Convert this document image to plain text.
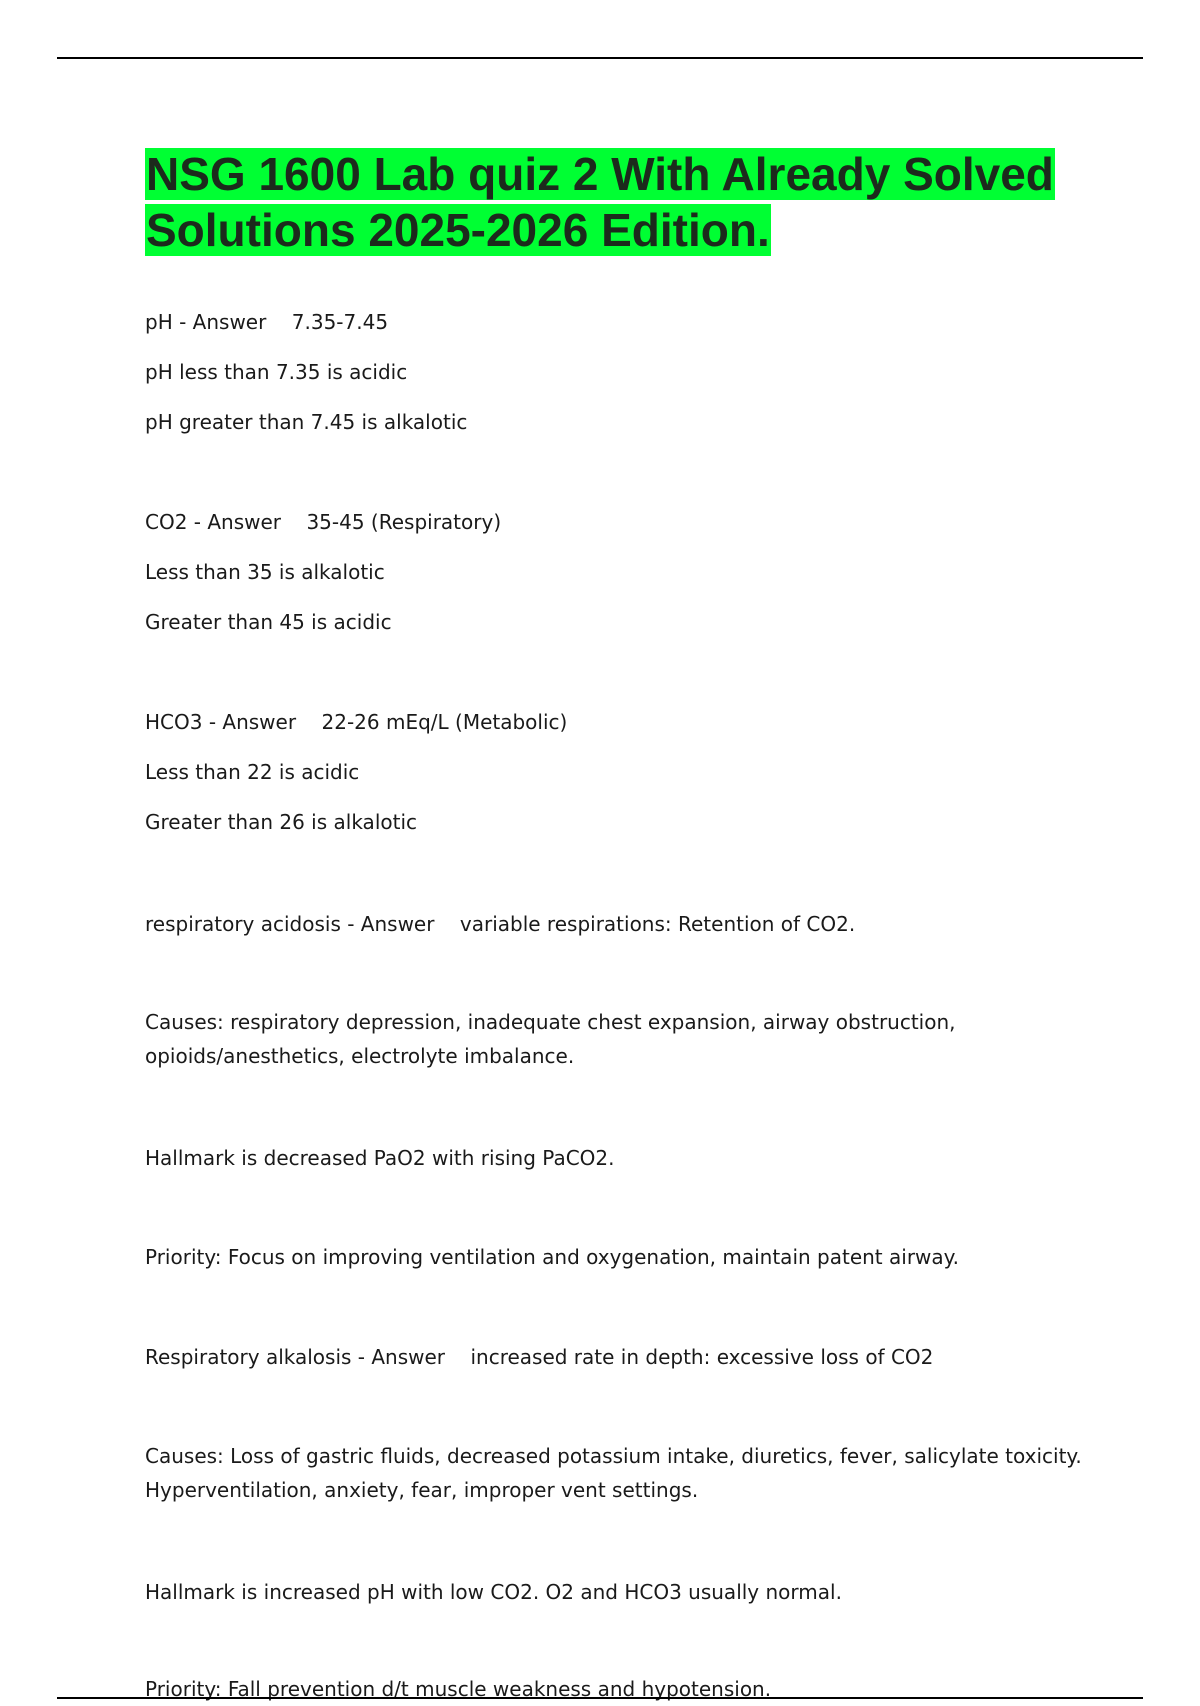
NSG 1600 Lab quiz 2 With Already Solved Solutions 2025-2026 Edition.

pH - Answer    7.35-7.45

pH less than 7.35 is acidic

pH greater than 7.45 is alkalotic

CO2 - Answer    35-45 (Respiratory)

Less than 35 is alkalotic

Greater than 45 is acidic

HCO3 - Answer    22-26 mEq/L (Metabolic)

Less than 22 is acidic

Greater than 26 is alkalotic

respiratory acidosis - Answer    variable respirations: Retention of CO2.

Causes: respiratory depression, inadequate chest expansion, airway obstruction, opioids/anesthetics, electrolyte imbalance.

Hallmark is decreased PaO2 with rising PaCO2.

Priority: Focus on improving ventilation and oxygenation, maintain patent airway.

Respiratory alkalosis - Answer    increased rate in depth: excessive loss of CO2

Causes: Loss of gastric fluids, decreased potassium intake, diuretics, fever, salicylate toxicity. Hyperventilation, anxiety, fear, improper vent settings.

Hallmark is increased pH with low CO2. O2 and HCO3 usually normal.

Priority: Fall prevention d/t muscle weakness and hypotension.
